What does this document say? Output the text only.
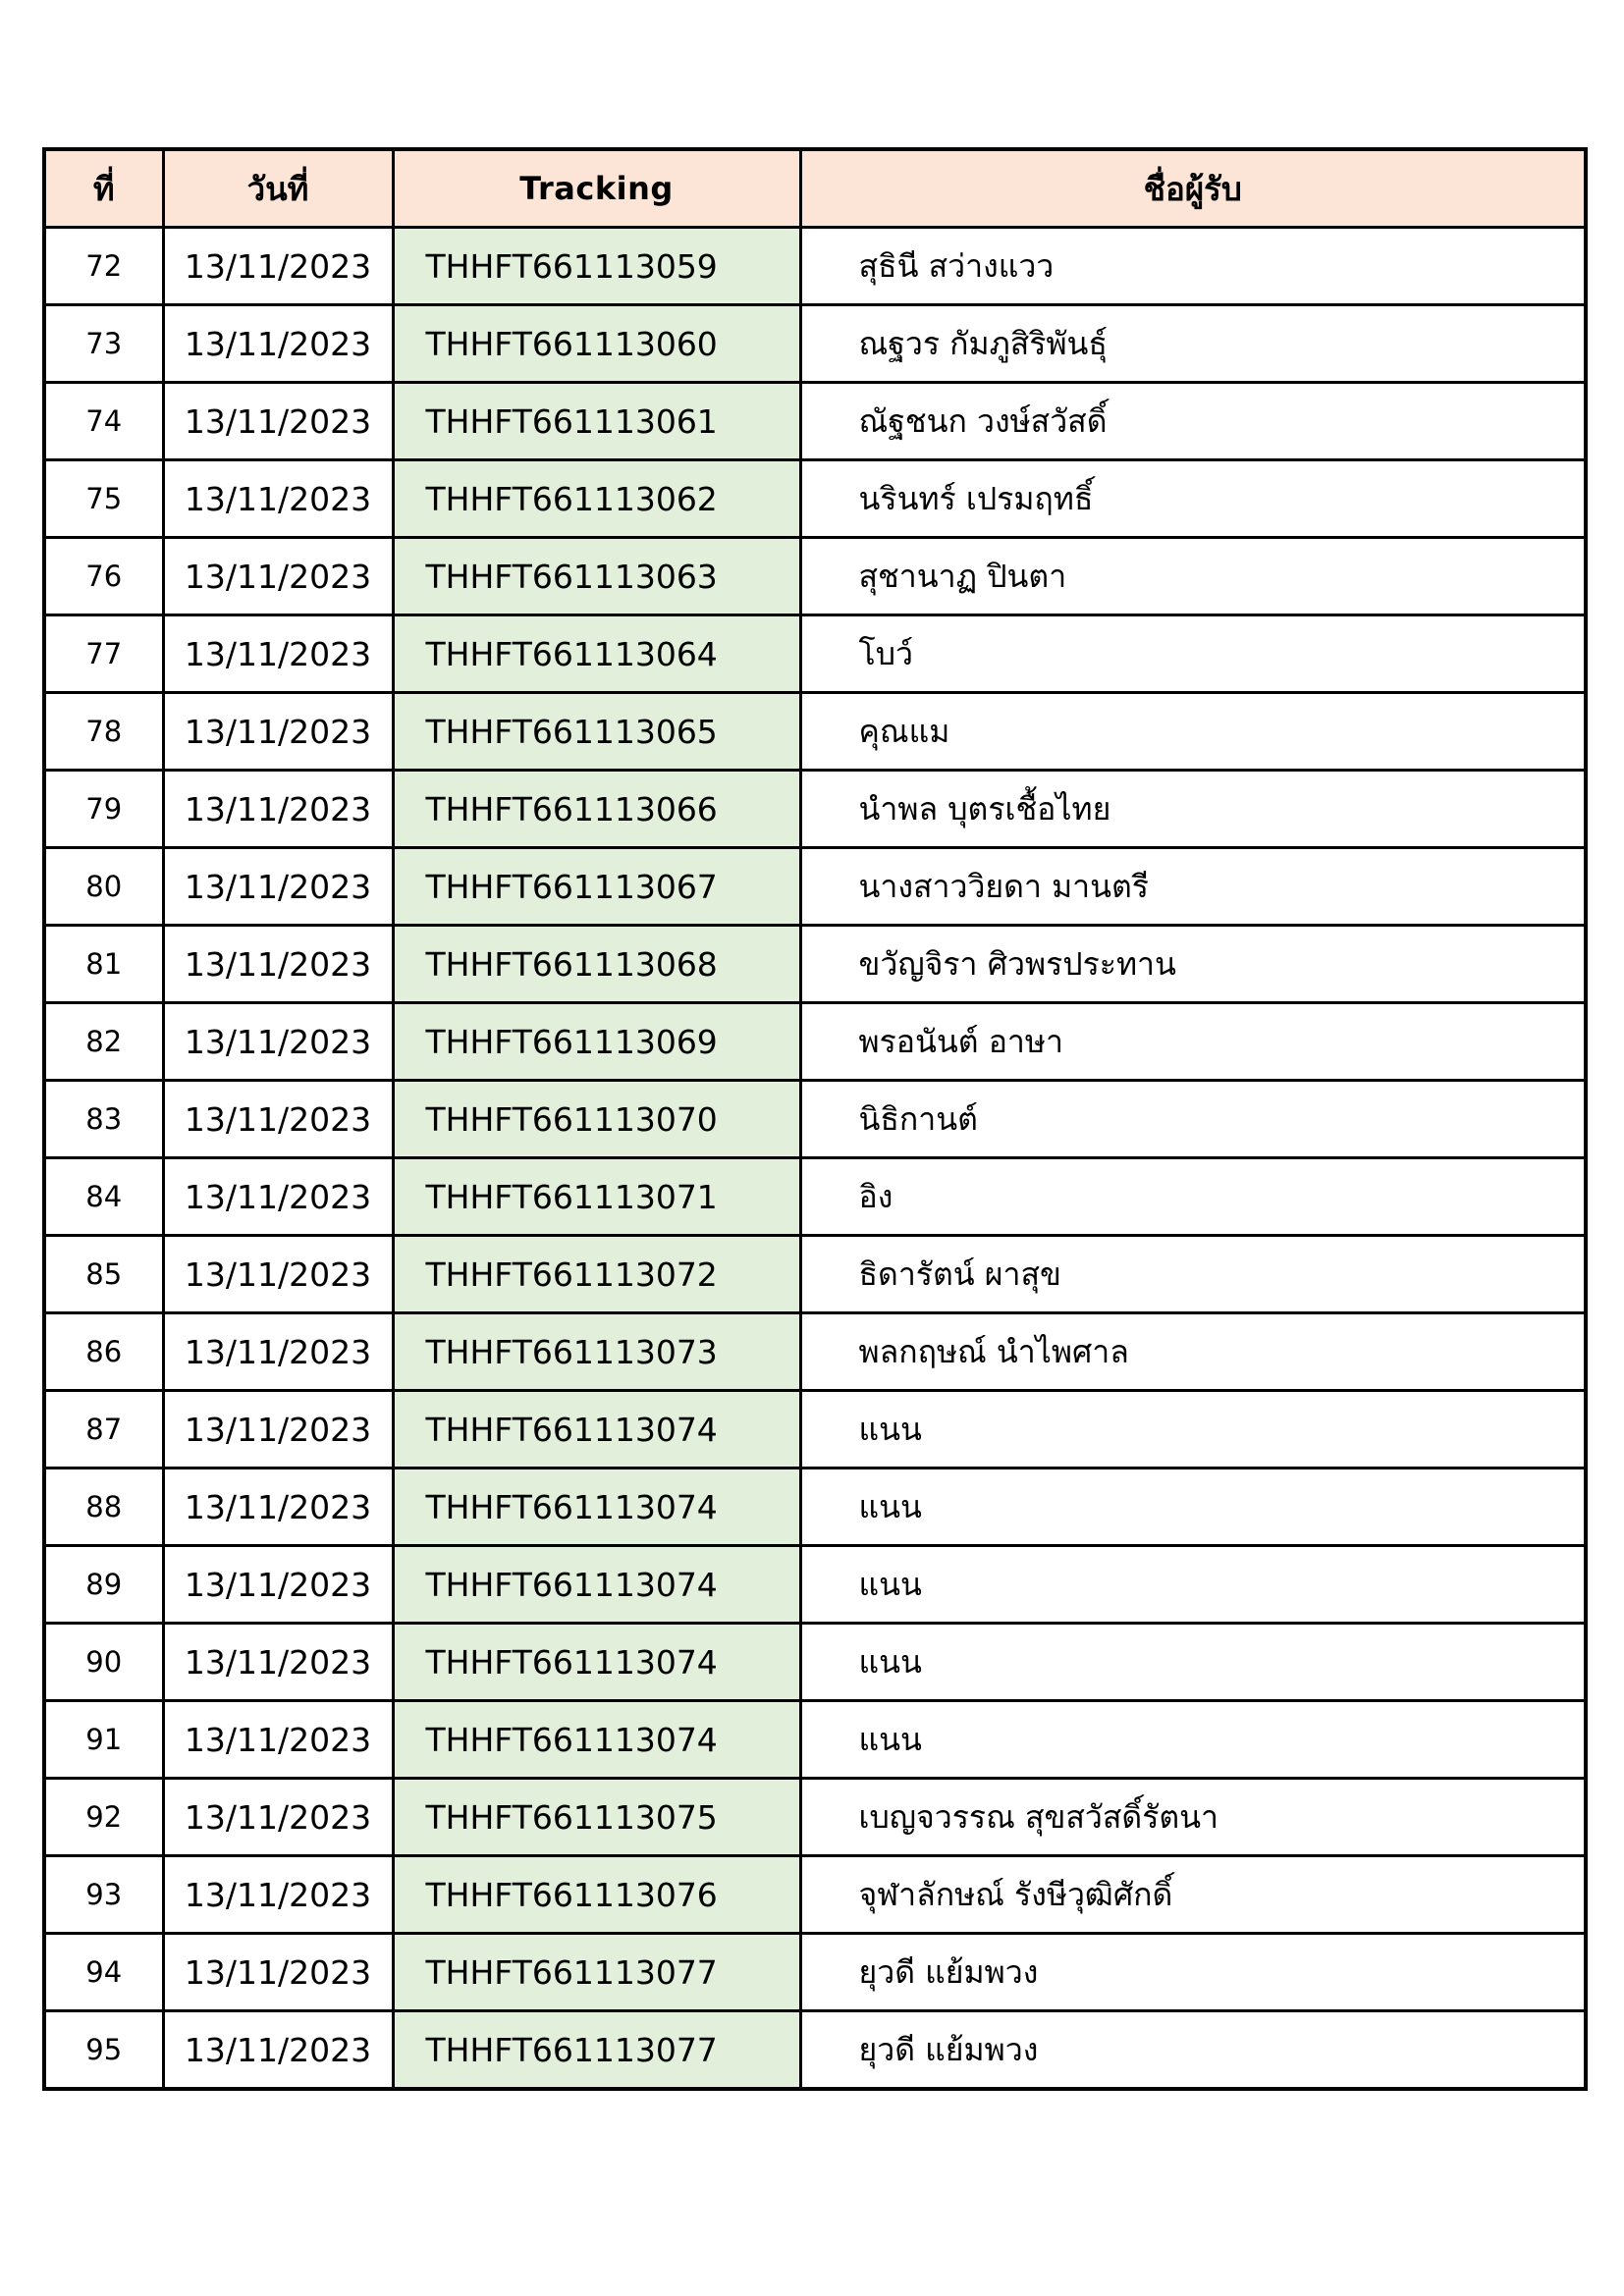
ที่	วันที่	Tracking	ชื่อผู้รับ
72	13/11/2023	THHFT661113059	สุธินี สว่างแวว
73	13/11/2023	THHFT661113060	ณฐวร กัมภูสิริพันธุ์
74	13/11/2023	THHFT661113061	ณัฐชนก วงษ์สวัสดิ์
75	13/11/2023	THHFT661113062	นรินทร์ เปรมฤทธิ์
76	13/11/2023	THHFT661113063	สุชานาฏ ปินตา
77	13/11/2023	THHFT661113064	โบว์
78	13/11/2023	THHFT661113065	คุณแม
79	13/11/2023	THHFT661113066	นำพล บุตรเชื้อไทย
80	13/11/2023	THHFT661113067	นางสาววิยดา มานตรี
81	13/11/2023	THHFT661113068	ขวัญจิรา ศิวพรประทาน
82	13/11/2023	THHFT661113069	พรอนันต์ อาษา
83	13/11/2023	THHFT661113070	นิธิกานต์
84	13/11/2023	THHFT661113071	อิง
85	13/11/2023	THHFT661113072	ธิดารัตน์ ผาสุข
86	13/11/2023	THHFT661113073	พลกฤษณ์ นำไพศาล
87	13/11/2023	THHFT661113074	แนน
88	13/11/2023	THHFT661113074	แนน
89	13/11/2023	THHFT661113074	แนน
90	13/11/2023	THHFT661113074	แนน
91	13/11/2023	THHFT661113074	แนน
92	13/11/2023	THHFT661113075	เบญจวรรณ สุขสวัสดิ์รัตนา
93	13/11/2023	THHFT661113076	จุฬาลักษณ์ รังษีวุฒิศักดิ์
94	13/11/2023	THHFT661113077	ยุวดี แย้มพวง
95	13/11/2023	THHFT661113077	ยุวดี แย้มพวง
